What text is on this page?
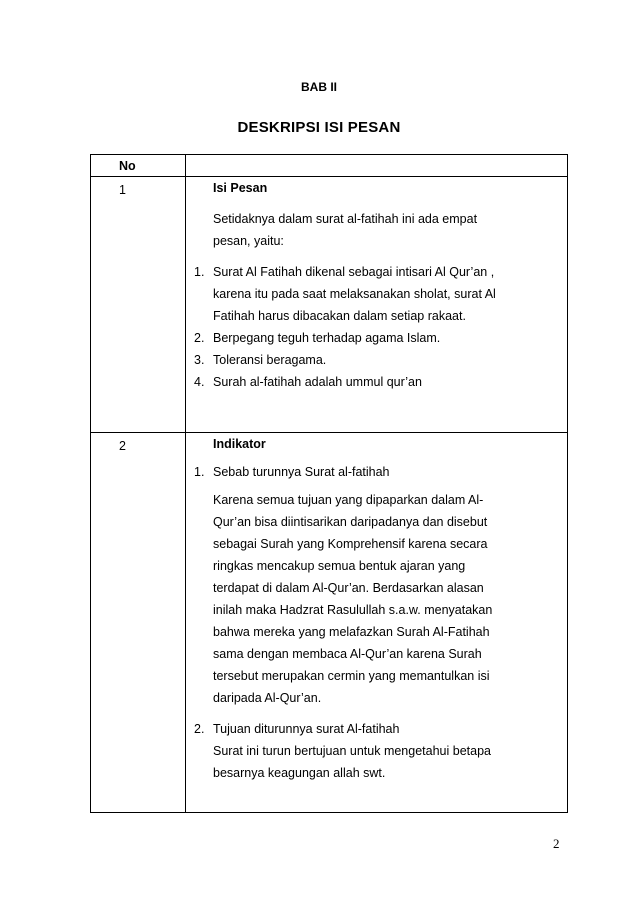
BAB II
DESKRIPSI ISI PESAN
No
1	Isi Pesan
Setidaknya dalam surat al-fatihah ini ada empat
pesan, yaitu:
1. Surat Al Fatihah dikenal sebagai intisari Al Qur’an ,
karena itu pada saat melaksanakan sholat, surat Al
Fatihah harus dibacakan dalam setiap rakaat.
2. Berpegang teguh terhadap agama Islam.
3. Toleransi beragama.
4. Surah al-fatihah adalah ummul qur’an
2	Indikator
1. Sebab turunnya Surat al-fatihah
Karena semua tujuan yang dipaparkan dalam Al-
Qur’an bisa diintisarikan daripadanya dan disebut
sebagai Surah yang Komprehensif karena secara
ringkas mencakup semua bentuk ajaran yang
terdapat di dalam Al-Qur’an. Berdasarkan alasan
inilah maka Hadzrat Rasulullah s.a.w. menyatakan
bahwa mereka yang melafazkan Surah Al-Fatihah
sama dengan membaca Al-Qur’an karena Surah
tersebut merupakan cermin yang memantulkan isi
daripada Al-Qur’an.
2. Tujuan diturunnya surat Al-fatihah
Surat ini turun bertujuan untuk mengetahui betapa
besarnya keagungan allah swt.
2
